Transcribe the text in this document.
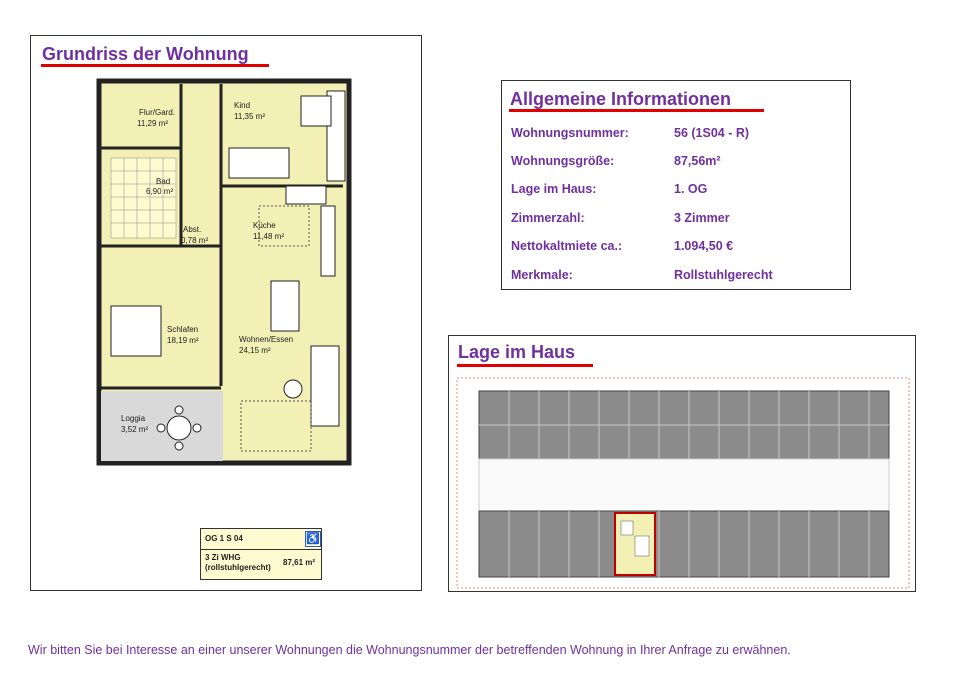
Grundriss der Wohnung
Flur/Gard.
11,29 m²
Kind
11,35 m²
Bad
6,90 m²
Abst.
0,78 m²
Küche
11,48 m²
Schlafen
18,19 m²	Wohnen/Essen
24,15 m²
Loggia
3,52 m²
OG 1 S 04	♿
3 Zi WHG
(rollstuhlgerecht)
87,61 m²
Allgemeine Informationen
Wohnungsnummer:	56 (1S04 - R)
Wohnungsgröße:	87,56m²
Lage im Haus:	1. OG
Zimmerzahl:	3 Zimmer
Nettokaltmiete ca.:	1.094,50 €
Merkmale:	Rollstuhlgerecht
Lage im Haus
Wir bitten Sie bei Interesse an einer unserer Wohnungen die Wohnungsnummer der betreffenden Wohnung in Ihrer Anfrage zu erwähnen.
